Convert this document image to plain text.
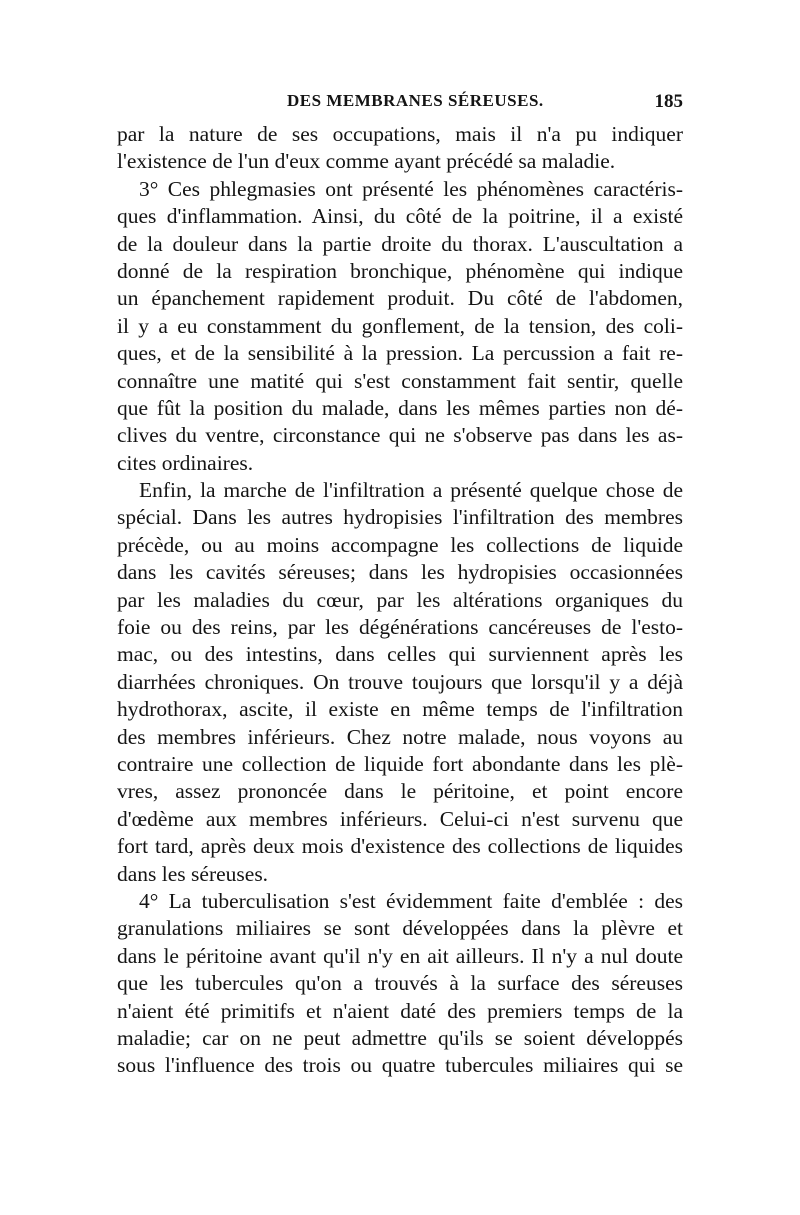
DES MEMBRANES SÉREUSES.	185
par la nature de ses occupations, mais il n'a pu indiquer
l'existence de l'un d'eux comme ayant précédé sa maladie.
3° Ces phlegmasies ont présenté les phénomènes caractéris-
ques d'inflammation. Ainsi, du côté de la poitrine, il a existé
de la douleur dans la partie droite du thorax. L'auscultation a
donné de la respiration bronchique, phénomène qui indique
un épanchement rapidement produit. Du côté de l'abdomen,
il y a eu constamment du gonflement, de la tension, des coli-
ques, et de la sensibilité à la pression. La percussion a fait re-
connaître une matité qui s'est constamment fait sentir, quelle
que fût la position du malade, dans les mêmes parties non dé-
clives du ventre, circonstance qui ne s'observe pas dans les as-
cites ordinaires.
Enfin, la marche de l'infiltration a présenté quelque chose de
spécial. Dans les autres hydropisies l'infiltration des membres
précède, ou au moins accompagne les collections de liquide
dans les cavités séreuses; dans les hydropisies occasionnées
par les maladies du cœur, par les altérations organiques du
foie ou des reins, par les dégénérations cancéreuses de l'esto-
mac, ou des intestins, dans celles qui surviennent après les
diarrhées chroniques. On trouve toujours que lorsqu'il y a déjà
hydrothorax, ascite, il existe en même temps de l'infiltration
des membres inférieurs. Chez notre malade, nous voyons au
contraire une collection de liquide fort abondante dans les plè-
vres, assez prononcée dans le péritoine, et point encore
d'œdème aux membres inférieurs. Celui-ci n'est survenu que
fort tard, après deux mois d'existence des collections de liquides
dans les séreuses.
4° La tuberculisation s'est évidemment faite d'emblée : des
granulations miliaires se sont développées dans la plèvre et
dans le péritoine avant qu'il n'y en ait ailleurs. Il n'y a nul doute
que les tubercules qu'on a trouvés à la surface des séreuses
n'aient été primitifs et n'aient daté des premiers temps de la
maladie; car on ne peut admettre qu'ils se soient développés
sous l'influence des trois ou quatre tubercules miliaires qui se
